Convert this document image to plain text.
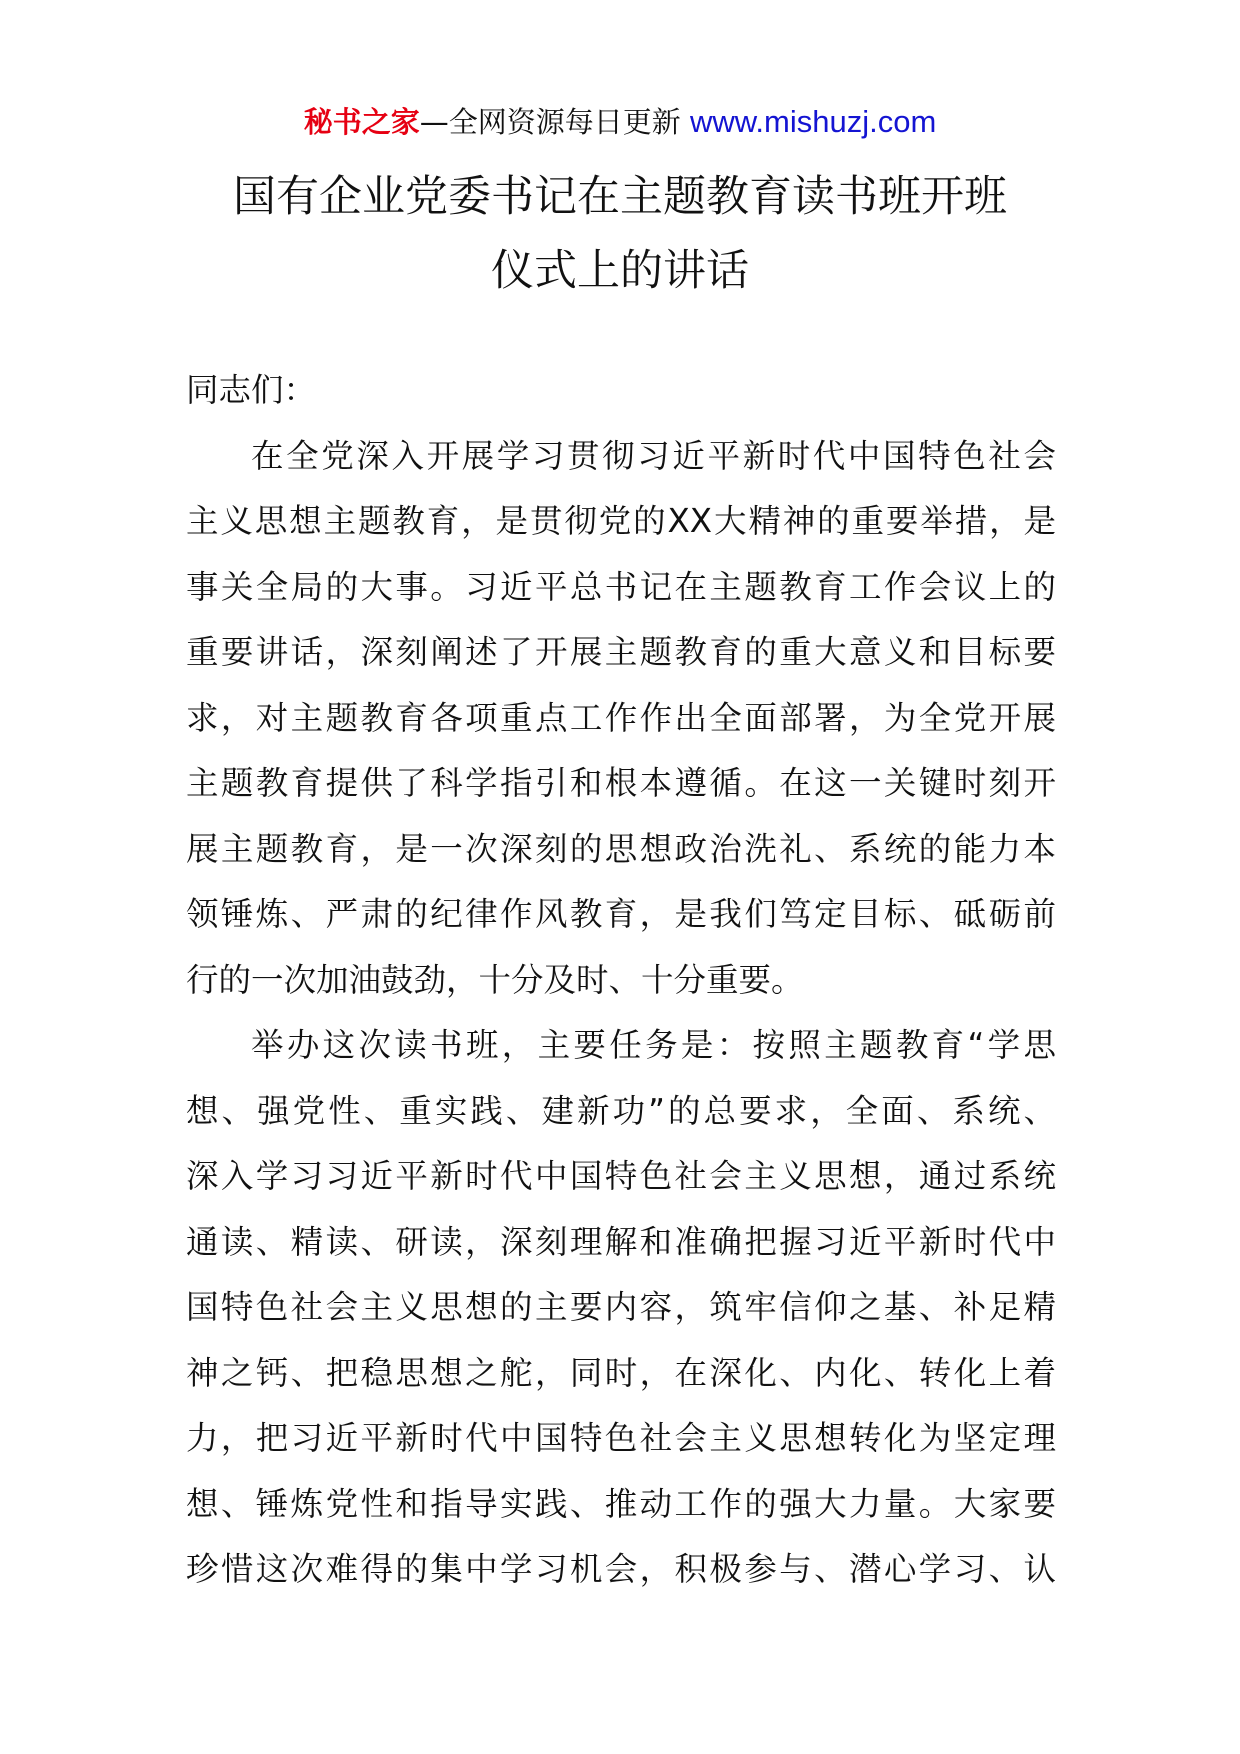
秘书之家—全网资源每日更新 www.mishuzj.com
国有企业党委书记在主题教育读书班开班
仪式上的讲话
同志们：
在全党深入开展学习贯彻习近平新时代中国特色社会
主义思想主题教育，是贯彻党的XX大精神的重要举措，是
事关全局的大事。习近平总书记在主题教育工作会议上的
重要讲话，深刻阐述了开展主题教育的重大意义和目标要
求，对主题教育各项重点工作作出全面部署，为全党开展
主题教育提供了科学指引和根本遵循。在这一关键时刻开
展主题教育，是一次深刻的思想政治洗礼、系统的能力本
领锤炼、严肃的纪律作风教育，是我们笃定目标、砥砺前
行的一次加油鼓劲，十分及时、十分重要。
举办这次读书班，主要任务是：按照主题教育“学思
想、强党性、重实践、建新功”的总要求，全面、系统、
深入学习习近平新时代中国特色社会主义思想，通过系统
通读、精读、研读，深刻理解和准确把握习近平新时代中
国特色社会主义思想的主要内容，筑牢信仰之基、补足精
神之钙、把稳思想之舵，同时，在深化、内化、转化上着
力，把习近平新时代中国特色社会主义思想转化为坚定理
想、锤炼党性和指导实践、推动工作的强大力量。大家要
珍惜这次难得的集中学习机会，积极参与、潜心学习、认
